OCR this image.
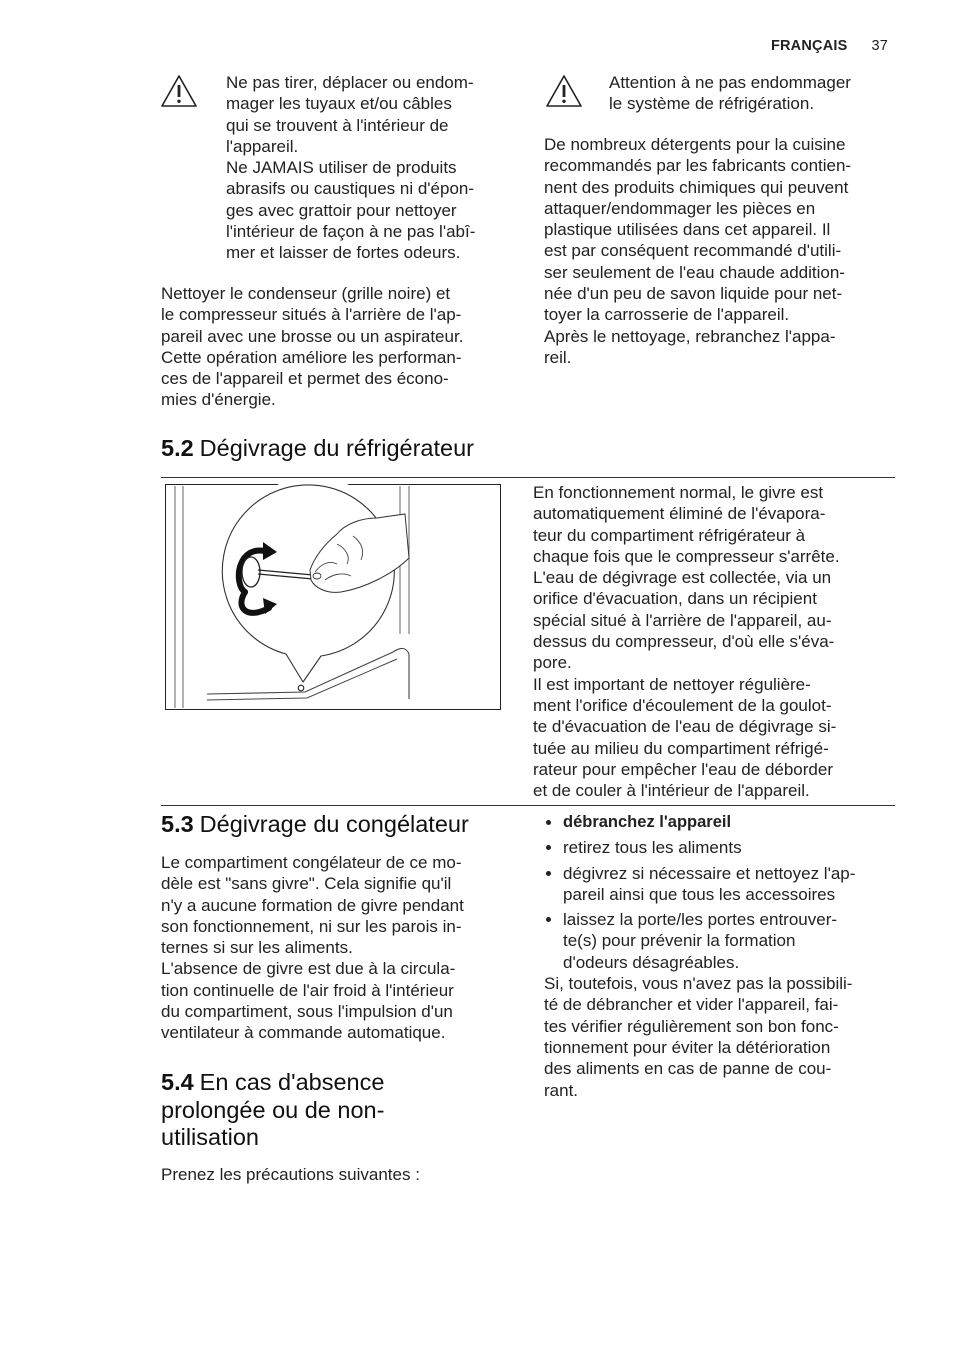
FRANÇAIS 37
Ne pas tirer, déplacer ou endom-
mager les tuyaux et/ou câbles
qui se trouvent à l'intérieur de
l'appareil.
Ne JAMAIS utiliser de produits
abrasifs ou caustiques ni d'épon-
ges avec grattoir pour nettoyer
l'intérieur de façon à ne pas l'abî-
mer et laisser de fortes odeurs.
Nettoyer le condenseur (grille noire) et
le compresseur situés à l'arrière de l'ap-
pareil avec une brosse ou un aspirateur.
Cette opération améliore les performan-
ces de l'appareil et permet des écono-
mies d'énergie.
Attention à ne pas endommager
le système de réfrigération.
De nombreux détergents pour la cuisine
recommandés par les fabricants contien-
nent des produits chimiques qui peuvent
attaquer/endommager les pièces en
plastique utilisées dans cet appareil. Il
est par conséquent recommandé d'utili-
ser seulement de l'eau chaude addition-
née d'un peu de savon liquide pour net-
toyer la carrosserie de l'appareil.
Après le nettoyage, rebranchez l'appa-
reil.
5.2 Dégivrage du réfrigérateur
En fonctionnement normal, le givre est
automatiquement éliminé de l'évapora-
teur du compartiment réfrigérateur à
chaque fois que le compresseur s'arrête.
L'eau de dégivrage est collectée, via un
orifice d'évacuation, dans un récipient
spécial situé à l'arrière de l'appareil, au-
dessus du compresseur, d'où elle s'éva-
pore.
Il est important de nettoyer régulière-
ment l'orifice d'écoulement de la goulot-
te d'évacuation de l'eau de dégivrage si-
tuée au milieu du compartiment réfrigé-
rateur pour empêcher l'eau de déborder
et de couler à l'intérieur de l'appareil.
5.3 Dégivrage du congélateur
Le compartiment congélateur de ce mo-
dèle est "sans givre". Cela signifie qu'il
n'y a aucune formation de givre pendant
son fonctionnement, ni sur les parois in-
ternes si sur les aliments.
L'absence de givre est due à la circula-
tion continuelle de l'air froid à l'intérieur
du compartiment, sous l'impulsion d'un
ventilateur à commande automatique.
5.4 En cas d'absence
prolongée ou de non-
utilisation

Prenez les précautions suivantes :

débranchez l'appareil
retirez tous les aliments
dégivrez si nécessaire et nettoyez l'ap-
pareil ainsi que tous les accessoires
laissez la porte/les portes entrouver-
te(s) pour prévenir la formation
d'odeurs désagréables.
Si, toutefois, vous n'avez pas la possibili-
té de débrancher et vider l'appareil, fai-
tes vérifier régulièrement son bon fonc-
tionnement pour éviter la détérioration
des aliments en cas de panne de cou-
rant.
